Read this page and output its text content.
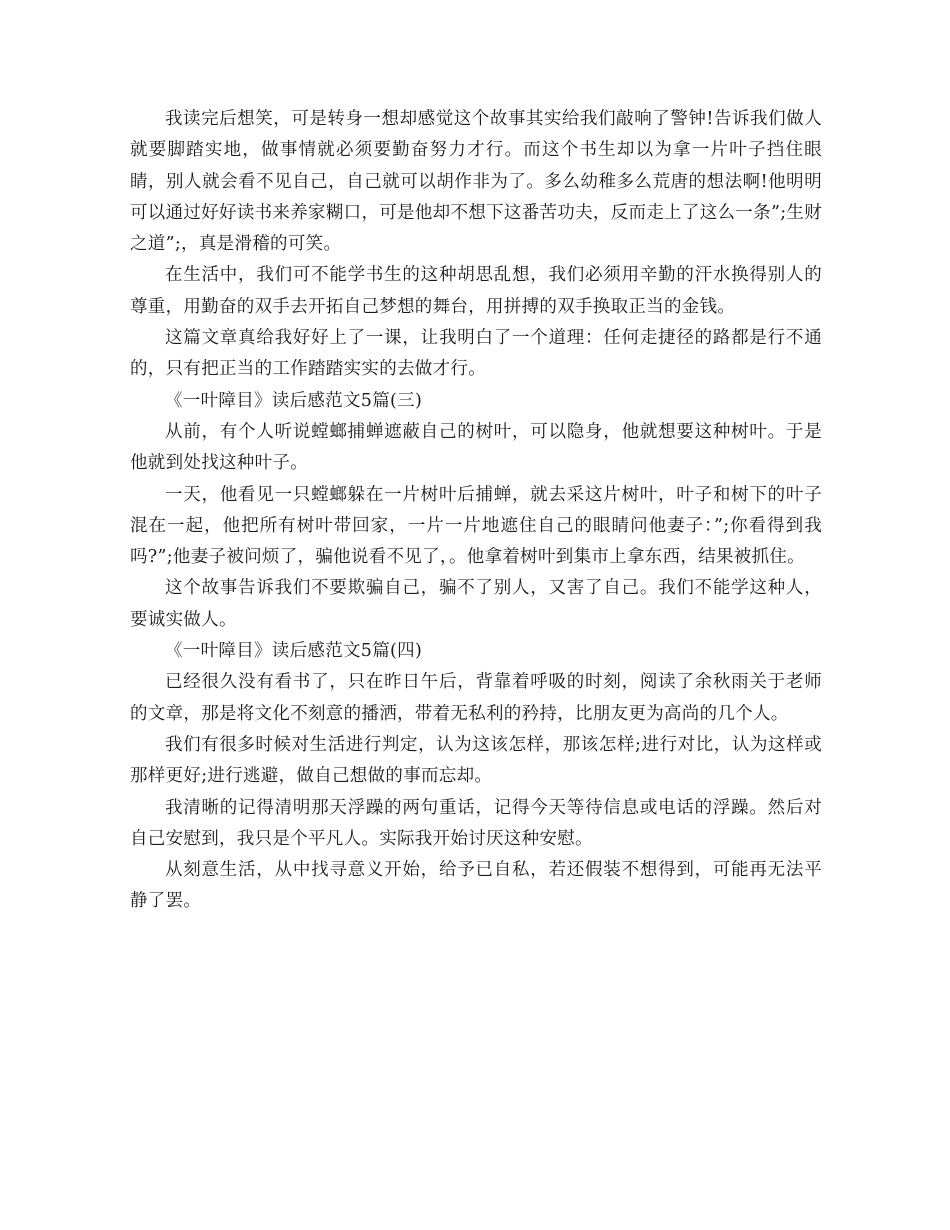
我读完后想笑，可是转身一想却感觉这个故事其实给我们敲响了警钟!告诉我们做人就要脚踏实地，做事情就必须要勤奋努力才行。而这个书生却以为拿一片叶子挡住眼睛，别人就会看不见自己，自己就可以胡作非为了。多么幼稚多么荒唐的想法啊!他明明可以通过好好读书来养家糊口，可是他却不想下这番苦功夫，反而走上了这么一条”;生财之道”;，真是滑稽的可笑。

在生活中，我们可不能学书生的这种胡思乱想，我们必须用辛勤的汗水换得别人的尊重，用勤奋的双手去开拓自己梦想的舞台，用拼搏的双手换取正当的金钱。

这篇文章真给我好好上了一课，让我明白了一个道理：任何走捷径的路都是行不通的，只有把正当的工作踏踏实实的去做才行。

《一叶障目》读后感范文5篇(三)

从前，有个人听说螳螂捕蝉遮蔽自己的树叶，可以隐身，他就想要这种树叶。于是他就到处找这种叶子。

一天，他看见一只螳螂躲在一片树叶后捕蝉，就去采这片树叶，叶子和树下的叶子混在一起，他把所有树叶带回家，一片一片地遮住自己的眼睛问他妻子：”;你看得到我吗?”;他妻子被问烦了，骗他说看不见了，。他拿着树叶到集市上拿东西，结果被抓住。

这个故事告诉我们不要欺骗自己，骗不了别人，又害了自己。我们不能学这种人，要诚实做人。

《一叶障目》读后感范文5篇(四)

已经很久没有看书了，只在昨日午后，背靠着呼吸的时刻，阅读了余秋雨关于老师的文章，那是将文化不刻意的播洒，带着无私利的矜持，比朋友更为高尚的几个人。

我们有很多时候对生活进行判定，认为这该怎样，那该怎样;进行对比，认为这样或那样更好;进行逃避，做自己想做的事而忘却。

我清晰的记得清明那天浮躁的两句重话，记得今天等待信息或电话的浮躁。然后对自己安慰到，我只是个平凡人。实际我开始讨厌这种安慰。

从刻意生活，从中找寻意义开始，给予已自私，若还假装不想得到，可能再无法平静了罢。
